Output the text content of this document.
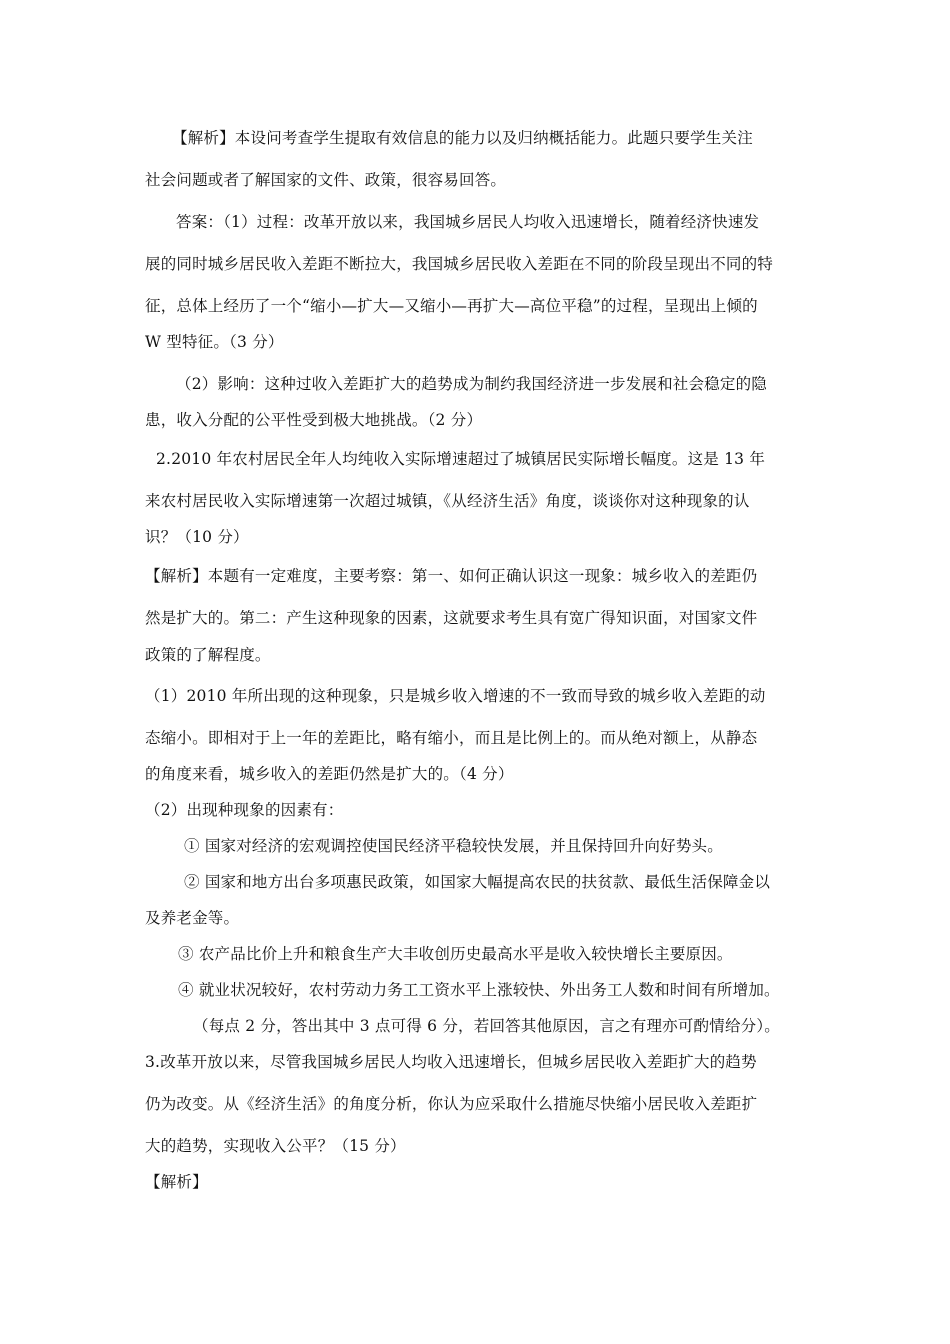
【解析】本设问考查学生提取有效信息的能力以及归纳概括能力。此题只要学生关注
社会问题或者了解国家的文件、政策，很容易回答。
答案：（1）过程：改革开放以来，我国城乡居民人均收入迅速增长，随着经济快速发
展的同时城乡居民收入差距不断拉大，我国城乡居民收入差距在不同的阶段呈现出不同的特
征，总体上经历了一个“缩小—扩大—又缩小—再扩大—高位平稳”的过程，呈现出上倾的
W 型特征。（3 分）
（2）影响：这种过收入差距扩大的趋势成为制约我国经济进一步发展和社会稳定的隐
患，收入分配的公平性受到极大地挑战。（2 分）
2.2010 年农村居民全年人均纯收入实际增速超过了城镇居民实际增长幅度。这是 13 年
来农村居民收入实际增速第一次超过城镇，《从经济生活》角度，谈谈你对这种现象的认
识？（10 分）
【解析】本题有一定难度，主要考察：第一、如何正确认识这一现象：城乡收入的差距仍
然是扩大的。第二：产生这种现象的因素，这就要求考生具有宽广得知识面，对国家文件
政策的了解程度。
（1）2010 年所出现的这种现象，只是城乡收入增速的不一致而导致的城乡收入差距的动
态缩小。即相对于上一年的差距比，略有缩小，而且是比例上的。而从绝对额上，从静态
的角度来看，城乡收入的差距仍然是扩大的。（4 分）
（2）出现种现象的因素有：
① 国家对经济的宏观调控使国民经济平稳较快发展，并且保持回升向好势头。
② 国家和地方出台多项惠民政策，如国家大幅提高农民的扶贫款、最低生活保障金以
及养老金等。
③ 农产品比价上升和粮食生产大丰收创历史最高水平是收入较快增长主要原因。
④ 就业状况较好，农村劳动力务工工资水平上涨较快、外出务工人数和时间有所增加。
（每点 2 分，答出其中 3 点可得 6 分，若回答其他原因，言之有理亦可酌情给分）。
3.改革开放以来，尽管我国城乡居民人均收入迅速增长，但城乡居民收入差距扩大的趋势
仍为改变。从《经济生活》的角度分析，你认为应采取什么措施尽快缩小居民收入差距扩
大的趋势，实现收入公平？（15 分）
【解析】
